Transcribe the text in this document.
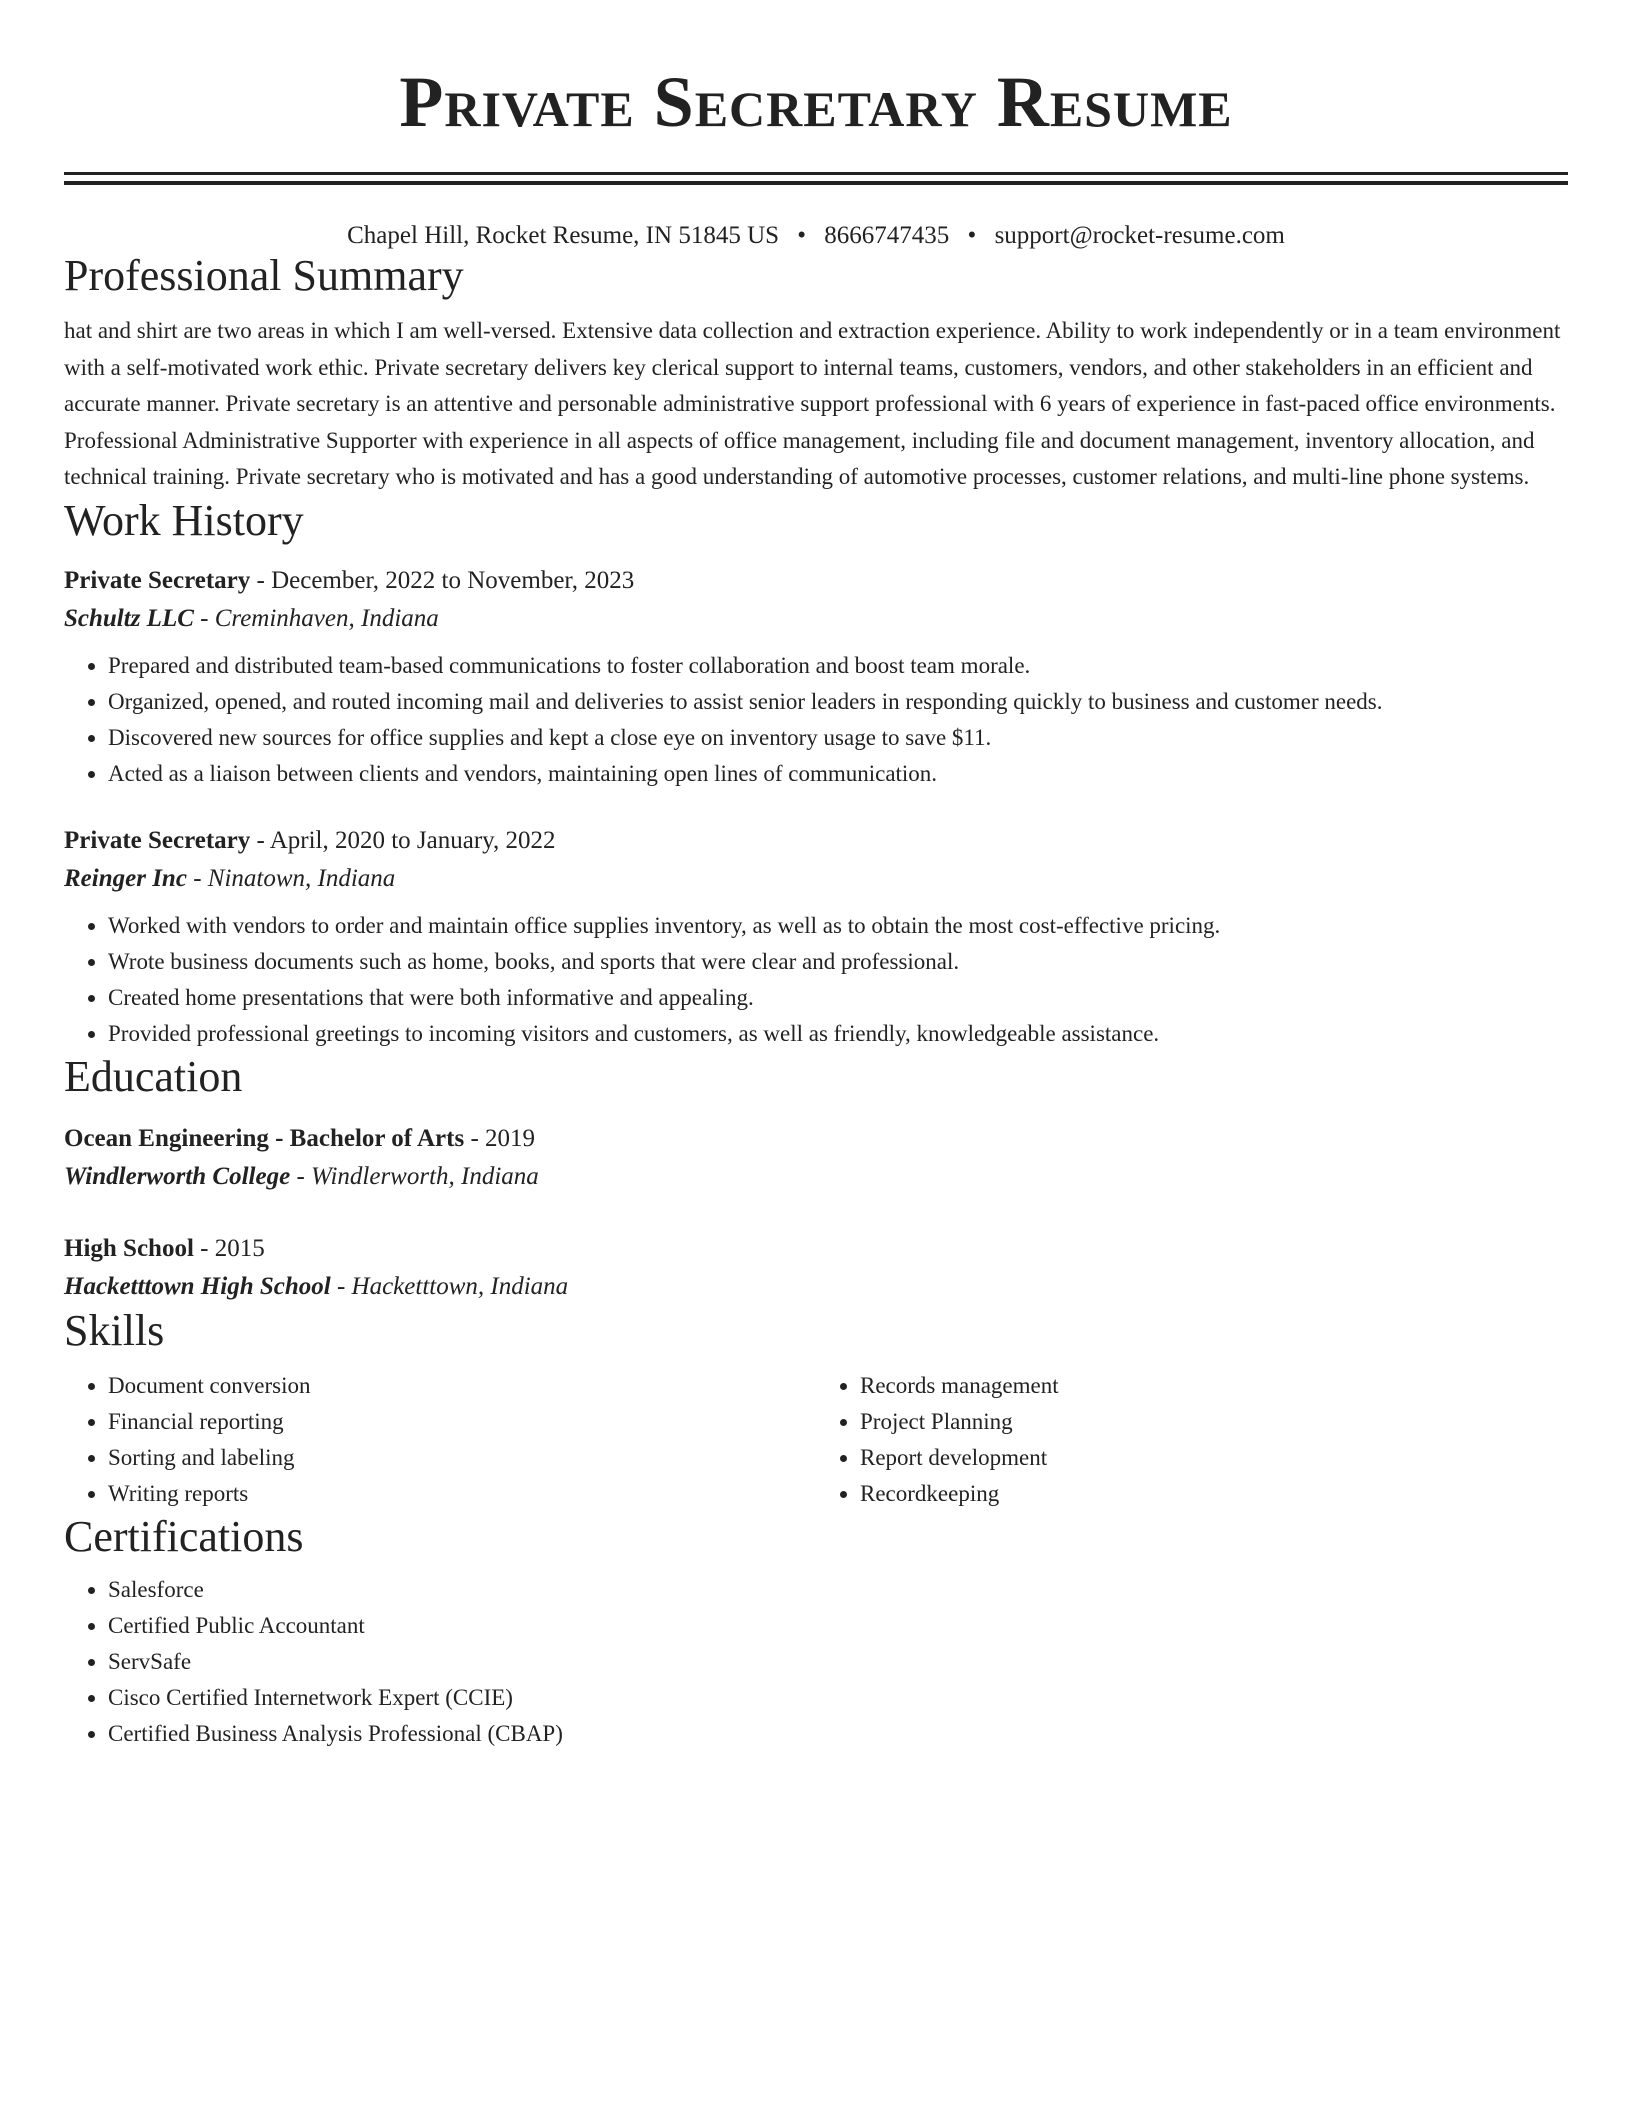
Private Secretary Resume
Chapel Hill, Rocket Resume, IN 51845 US • 8666747435 • support@rocket-resume.com
Professional Summary
hat and shirt are two areas in which I am well-versed. Extensive data collection and extraction experience. Ability to work independently or in a team environment with a self-motivated work ethic. Private secretary delivers key clerical support to internal teams, customers, vendors, and other stakeholders in an efficient and accurate manner. Private secretary is an attentive and personable administrative support professional with 6 years of experience in fast-paced office environments. Professional Administrative Supporter with experience in all aspects of office management, including file and document management, inventory allocation, and technical training. Private secretary who is motivated and has a good understanding of automotive processes, customer relations, and multi-line phone systems.
Work History
Private Secretary - December, 2022 to November, 2023
Schultz LLC - Creminhaven, Indiana
• Prepared and distributed team-based communications to foster collaboration and boost team morale.
• Organized, opened, and routed incoming mail and deliveries to assist senior leaders in responding quickly to business and customer needs.
• Discovered new sources for office supplies and kept a close eye on inventory usage to save $11.
• Acted as a liaison between clients and vendors, maintaining open lines of communication.
Private Secretary - April, 2020 to January, 2022
Reinger Inc - Ninatown, Indiana
• Worked with vendors to order and maintain office supplies inventory, as well as to obtain the most cost-effective pricing.
• Wrote business documents such as home, books, and sports that were clear and professional.
• Created home presentations that were both informative and appealing.
• Provided professional greetings to incoming visitors and customers, as well as friendly, knowledgeable assistance.
Education
Ocean Engineering - Bachelor of Arts - 2019
Windlerworth College - Windlerworth, Indiana
High School - 2015
Hacketttown High School - Hacketttown, Indiana
Skills
• Document conversion
• Financial reporting
• Sorting and labeling
• Writing reports
• Records management
• Project Planning
• Report development
• Recordkeeping
Certifications
• Salesforce
• Certified Public Accountant
• ServSafe
• Cisco Certified Internetwork Expert (CCIE)
• Certified Business Analysis Professional (CBAP)
